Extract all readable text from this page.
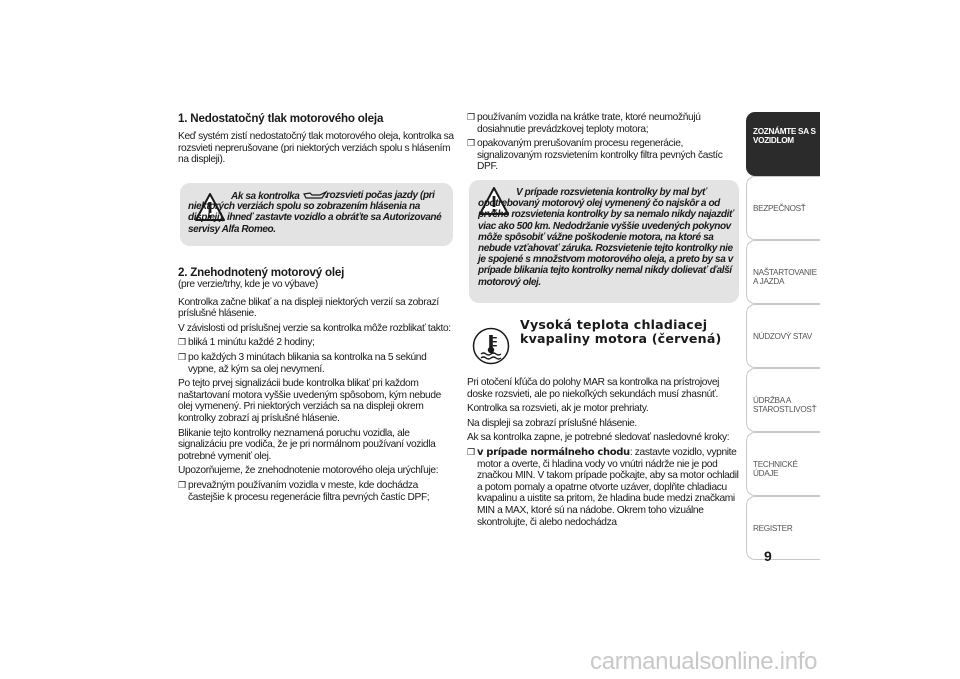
1. Nedostatočný tlak motorového oleja
Keď systém zistí nedostatočný tlak motorového oleja, kontrolka sa rozsvieti neprerušovane (pri niektorých verziách spolu s hlásením na displeji).
Ak sa kontrolka	rozsvieti počas jazdy (pri niektorých verziách spolu so zobrazením hlásenia na displeji), ihneď zastavte vozidlo a obráťte sa Autorizované servisy Alfa Romeo.
2. Znehodnotený motorový olej
(pre verzie/trhy, kde je vo výbave)
Kontrolka začne blikať a na displeji niektorých verzií sa zobrazí príslušné hlásenie.
V závislosti od príslušnej verzie sa kontrolka môže rozblikať takto:
❒ bliká 1 minútu každé 2 hodiny;
❒ po každých 3 minútach blikania sa kontrolka na 5 sekúnd vypne, až kým sa olej nevymení.
Po tejto prvej signalizácii bude kontrolka blikať pri každom naštartovaní motora vyššie uvedeným spôsobom, kým nebude olej vymenený. Pri niektorých verziách sa na displeji okrem kontrolky zobrazí aj príslušné hlásenie.
Blikanie tejto kontrolky neznamená poruchu vozidla, ale signalizáciu pre vodiča, že je pri normálnom používaní vozidla potrebné vymeniť olej.
Upozorňujeme, že znehodnotenie motorového oleja urýchľuje:
❒ prevažným používaním vozidla v meste, kde dochádza častejšie k procesu regenerácie filtra pevných častíc DPF;
❒ používaním vozidla na krátke trate, ktoré neumožňujú dosiahnutie prevádzkovej teploty motora;
❒ opakovaným prerušovaním procesu regenerácie, signalizovaným rozsvietením kontrolky filtra pevných častíc DPF.
V prípade rozsvietenia kontrolky by mal byť opotrebovaný motorový olej vymenený čo najskôr a od prvého rozsvietenia kontrolky by sa nemalo nikdy najazdiť viac ako 500 km. Nedodržanie vyššie uvedených pokynov môže spôsobiť vážne poškodenie motora, na ktoré sa nebude vzťahovať záruka. Rozsvietenie tejto kontrolky nie je spojené s množstvom motorového oleja, a preto by sa v prípade blikania tejto kontrolky nemal nikdy dolievať ďalší motorový olej.
Vysoká teplota chladiacej kvapaliny motora (červená)
Pri otočení kľúča do polohy MAR sa kontrolka na prístrojovej doske rozsvieti, ale po niekoľkých sekundách musí zhasnúť.
Kontrolka sa rozsvieti, ak je motor prehriaty.
Na displeji sa zobrazí príslušné hlásenie.
Ak sa kontrolka zapne, je potrebné sledovať nasledovné kroky:
❒ v prípade normálneho chodu: zastavte vozidlo, vypnite motor a overte, či hladina vody vo vnútri nádrže nie je pod značkou MIN. V takom prípade počkajte, aby sa motor ochladil a potom pomaly a opatrne otvorte uzáver, doplňte chladiacu kvapalinu a uistite sa pritom, že hladina bude medzi značkami MIN a MAX, ktoré sú na nádobe. Okrem toho vizuálne skontrolujte, či alebo nedochádza
ZOZNÁMTE SA S VOZIDLOM
BEZPEČNOSŤ
NAŠTARTOVANIE A JAZDA
NÚDZOVÝ STAV
ÚDRŽBA A STAROSTLIVOSŤ
TECHNICKÉ ÚDAJE
REGISTER
9
carmanualsonline.info
